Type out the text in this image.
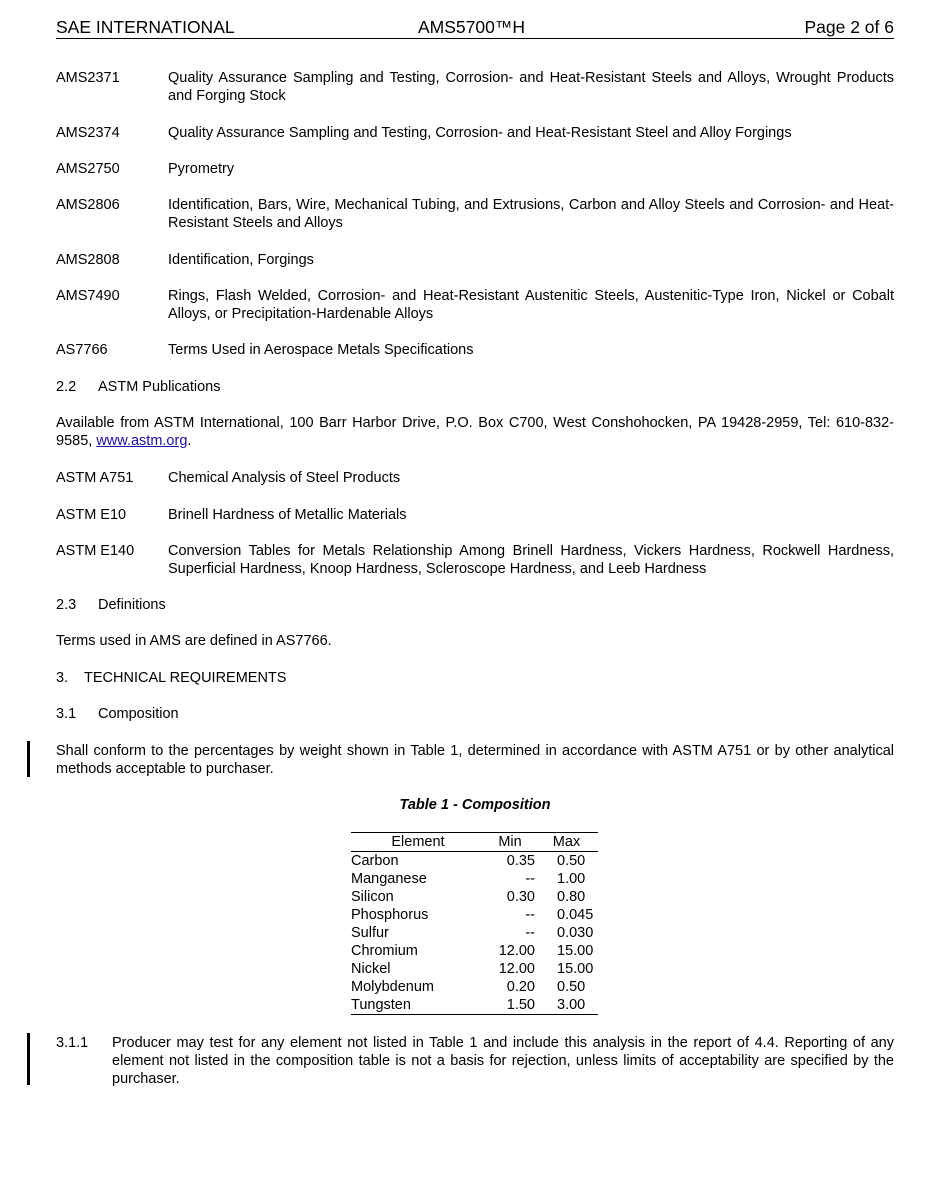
SAE INTERNATIONAL	AMS5700™H	Page 2 of 6
AMS2371	Quality Assurance Sampling and Testing, Corrosion- and Heat-Resistant Steels and Alloys, Wrought Products and Forging Stock
AMS2374	Quality Assurance Sampling and Testing, Corrosion- and Heat-Resistant Steel and Alloy Forgings
AMS2750	Pyrometry
AMS2806	Identification, Bars, Wire, Mechanical Tubing, and Extrusions, Carbon and Alloy Steels and Corrosion- and Heat-Resistant Steels and Alloys
AMS2808	Identification, Forgings
AMS7490	Rings, Flash Welded, Corrosion- and Heat-Resistant Austenitic Steels, Austenitic-Type Iron, Nickel or Cobalt Alloys, or Precipitation-Hardenable Alloys
AS7766	Terms Used in Aerospace Metals Specifications
2.2 ASTM Publications
Available from ASTM International, 100 Barr Harbor Drive, P.O. Box C700, West Conshohocken, PA 19428-2959, Tel: 610-832-9585, www.astm.org.
ASTM A751	Chemical Analysis of Steel Products
ASTM E10	Brinell Hardness of Metallic Materials
ASTM E140	Conversion Tables for Metals Relationship Among Brinell Hardness, Vickers Hardness, Rockwell Hardness, Superficial Hardness, Knoop Hardness, Scleroscope Hardness, and Leeb Hardness
2.3 Definitions
Terms used in AMS are defined in AS7766.
3. TECHNICAL REQUIREMENTS
3.1 Composition
Shall conform to the percentages by weight shown in Table 1, determined in accordance with ASTM A751 or by other analytical methods acceptable to purchaser.
Table 1 - Composition
Element	Min	Max
Carbon	0.35	0.50
Manganese	--	1.00
Silicon	0.30	0.80
Phosphorus	--	0.045
Sulfur	--	0.030
Chromium	12.00	15.00
Nickel	12.00	15.00
Molybdenum	0.20	0.50
Tungsten	1.50	3.00
3.1.1 Producer may test for any element not listed in Table 1 and include this analysis in the report of 4.4. Reporting of any element not listed in the composition table is not a basis for rejection, unless limits of acceptability are specified by the purchaser.
